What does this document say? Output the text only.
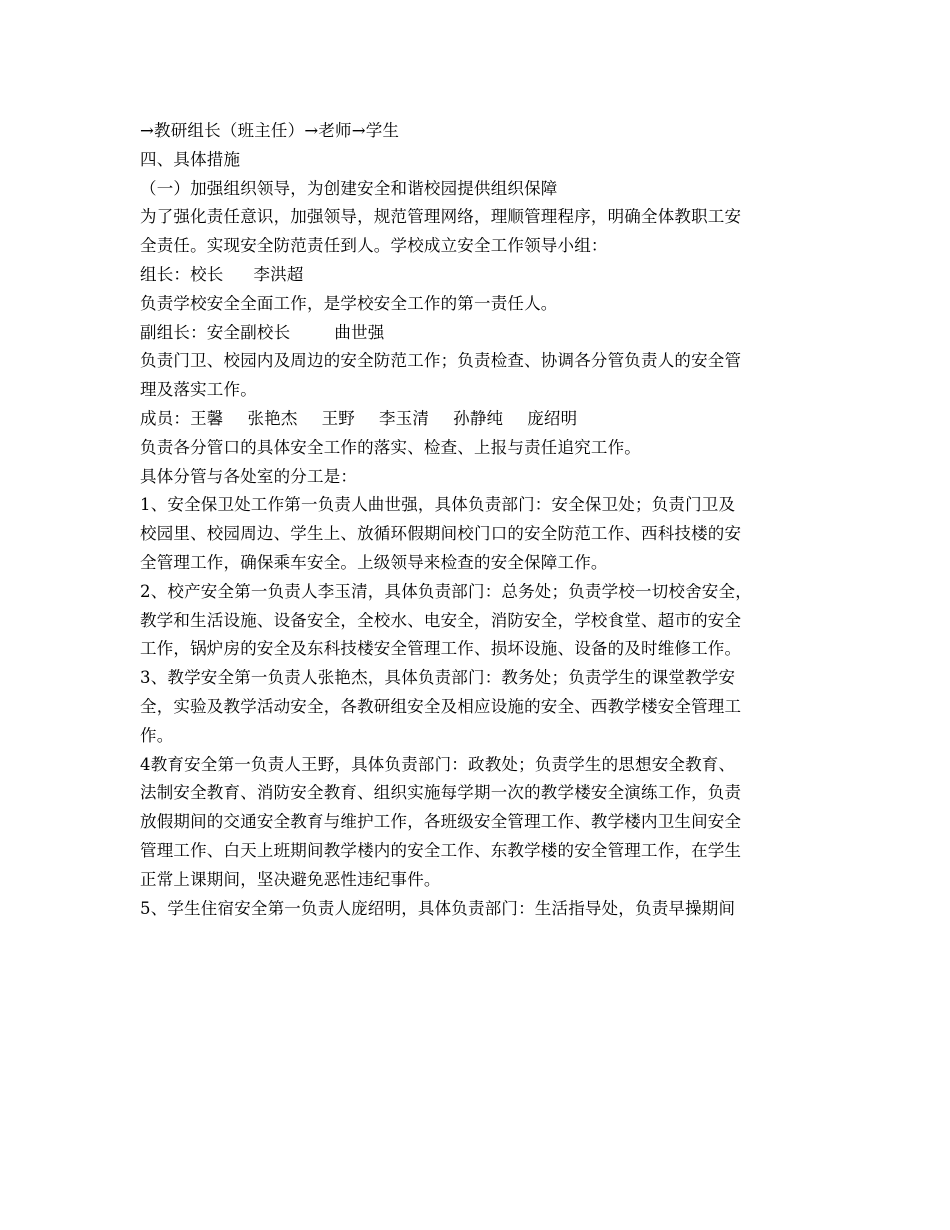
→教研组长（班主任）→老师→学生

四、具体措施

（一）加强组织领导，为创建安全和谐校园提供组织保障

为了强化责任意识，加强领导，规范管理网络，理顺管理程序，明确全体教职工安

全责任。实现安全防范责任到人。学校成立安全工作领导小组：

组长：校长 李洪超

负责学校安全全面工作，是学校安全工作的第一责任人。

副组长：安全副校长	曲世强

负责门卫、校园内及周边的安全防范工作；负责检查、协调各分管负责人的安全管

理及落实工作。

成员：王馨 张艳杰 王野 李玉清 孙静纯 庞绍明

负责各分管口的具体安全工作的落实、检查、上报与责任追究工作。

具体分管与各处室的分工是：

1、安全保卫处工作第一负责人曲世强，具体负责部门：安全保卫处；负责门卫及

校园里、校园周边、学生上、放循环假期间校门口的安全防范工作、西科技楼的安

全管理工作，确保乘车安全。上级领导来检查的安全保障工作。

2、校产安全第一负责人李玉清，具体负责部门：总务处；负责学校一切校舍安全，

教学和生活设施、设备安全，全校水、电安全，消防安全，学校食堂、超市的安全

工作，锅炉房的安全及东科技楼安全管理工作、损坏设施、设备的及时维修工作。

3、教学安全第一负责人张艳杰，具体负责部门：教务处；负责学生的课堂教学安

全，实验及教学活动安全，各教研组安全及相应设施的安全、西教学楼安全管理工

作。

4教育安全第一负责人王野，具体负责部门：政教处；负责学生的思想安全教育、

法制安全教育、消防安全教育、组织实施每学期一次的教学楼安全演练工作，负责

放假期间的交通安全教育与维护工作，各班级安全管理工作、教学楼内卫生间安全

管理工作、白天上班期间教学楼内的安全工作、东教学楼的安全管理工作，在学生

正常上课期间，坚决避免恶性违纪事件。

5、学生住宿安全第一负责人庞绍明，具体负责部门：生活指导处，负责早操期间
